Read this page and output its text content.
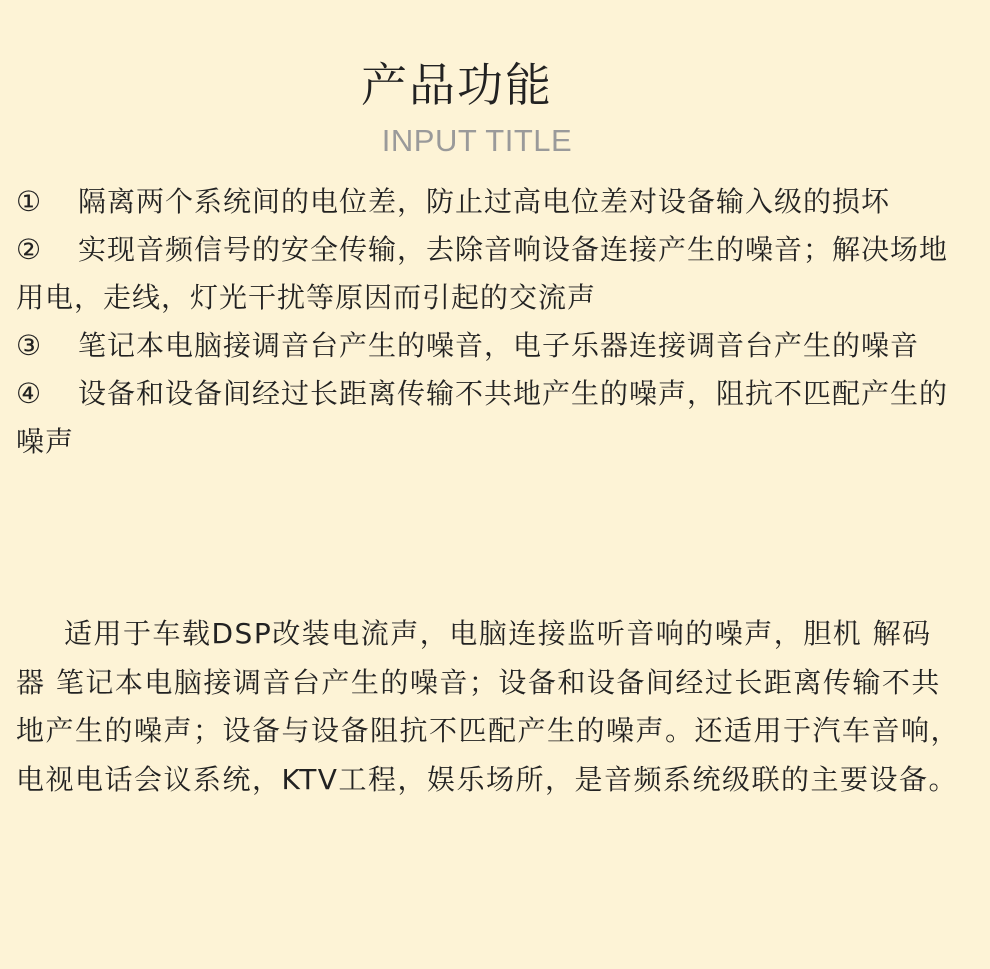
产品功能
INPUT TITLE
① 隔离两个系统间的电位差，防止过高电位差对设备输入级的损坏
② 实现音频信号的安全传输，去除音响设备连接产生的噪音；解决场地用电，走线，灯光干扰等原因而引起的交流声
③ 笔记本电脑接调音台产生的噪音，电子乐器连接调音台产生的噪音
④ 设备和设备间经过长距离传输不共地产生的噪声，阻抗不匹配产生的噪声

适用于车载DSP改装电流声，电脑连接监听音响的噪声，胆机 解码器 笔记本电脑接调音台产生的噪音；设备和设备间经过长距离传输不共地产生的噪声；设备与设备阻抗不匹配产生的噪声。还适用于汽车音响，电视电话会议系统，KTV工程，娱乐场所，是音频系统级联的主要设备。
